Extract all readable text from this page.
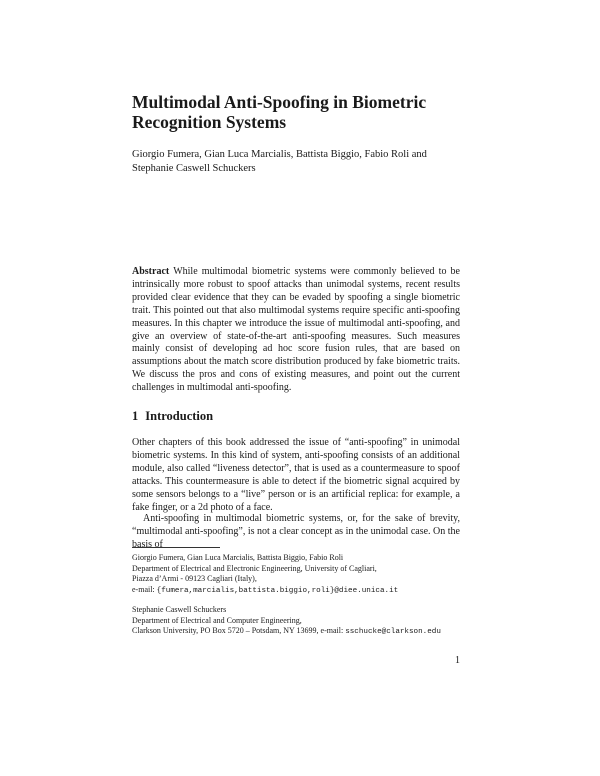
Multimodal Anti-Spoofing in Biometric Recognition Systems

Giorgio Fumera, Gian Luca Marcialis, Battista Biggio, Fabio Roli and Stephanie Caswell Schuckers

Abstract While multimodal biometric systems were commonly believed to be intrinsically more robust to spoof attacks than unimodal systems, recent results provided clear evidence that they can be evaded by spoofing a single biometric trait. This pointed out that also multimodal systems require specific anti-spoofing measures. In this chapter we introduce the issue of multimodal anti-spoofing, and give an overview of state-of-the-art anti-spoofing measures. Such measures mainly consist of developing ad hoc score fusion rules, that are based on assumptions about the match score distribution produced by fake biometric traits. We discuss the pros and cons of existing measures, and point out the current challenges in multimodal anti-spoofing.

1 Introduction

Other chapters of this book addressed the issue of “anti-spoofing” in unimodal biometric systems. In this kind of system, anti-spoofing consists of an additional module, also called “liveness detector”, that is used as a countermeasure to spoof attacks. This countermeasure is able to detect if the biometric signal acquired by some sensors belongs to a “live” person or is an artificial replica: for example, a fake finger, or a 2d photo of a face.

Anti-spoofing in multimodal biometric systems, or, for the sake of brevity, “multimodal anti-spoofing”, is not a clear concept as in the unimodal case. On the basis of

Giorgio Fumera, Gian Luca Marcialis, Battista Biggio, Fabio Roli
Department of Electrical and Electronic Engineering, University of Cagliari,
Piazza d’Armi - 09123 Cagliari (Italy),
e-mail: {fumera,marcialis,battista.biggio,roli}@diee.unica.it
Stephanie Caswell Schuckers
Department of Electrical and Computer Engineering,
Clarkson University, PO Box 5720 – Potsdam, NY 13699, e-mail: sschucke@clarkson.edu

1
